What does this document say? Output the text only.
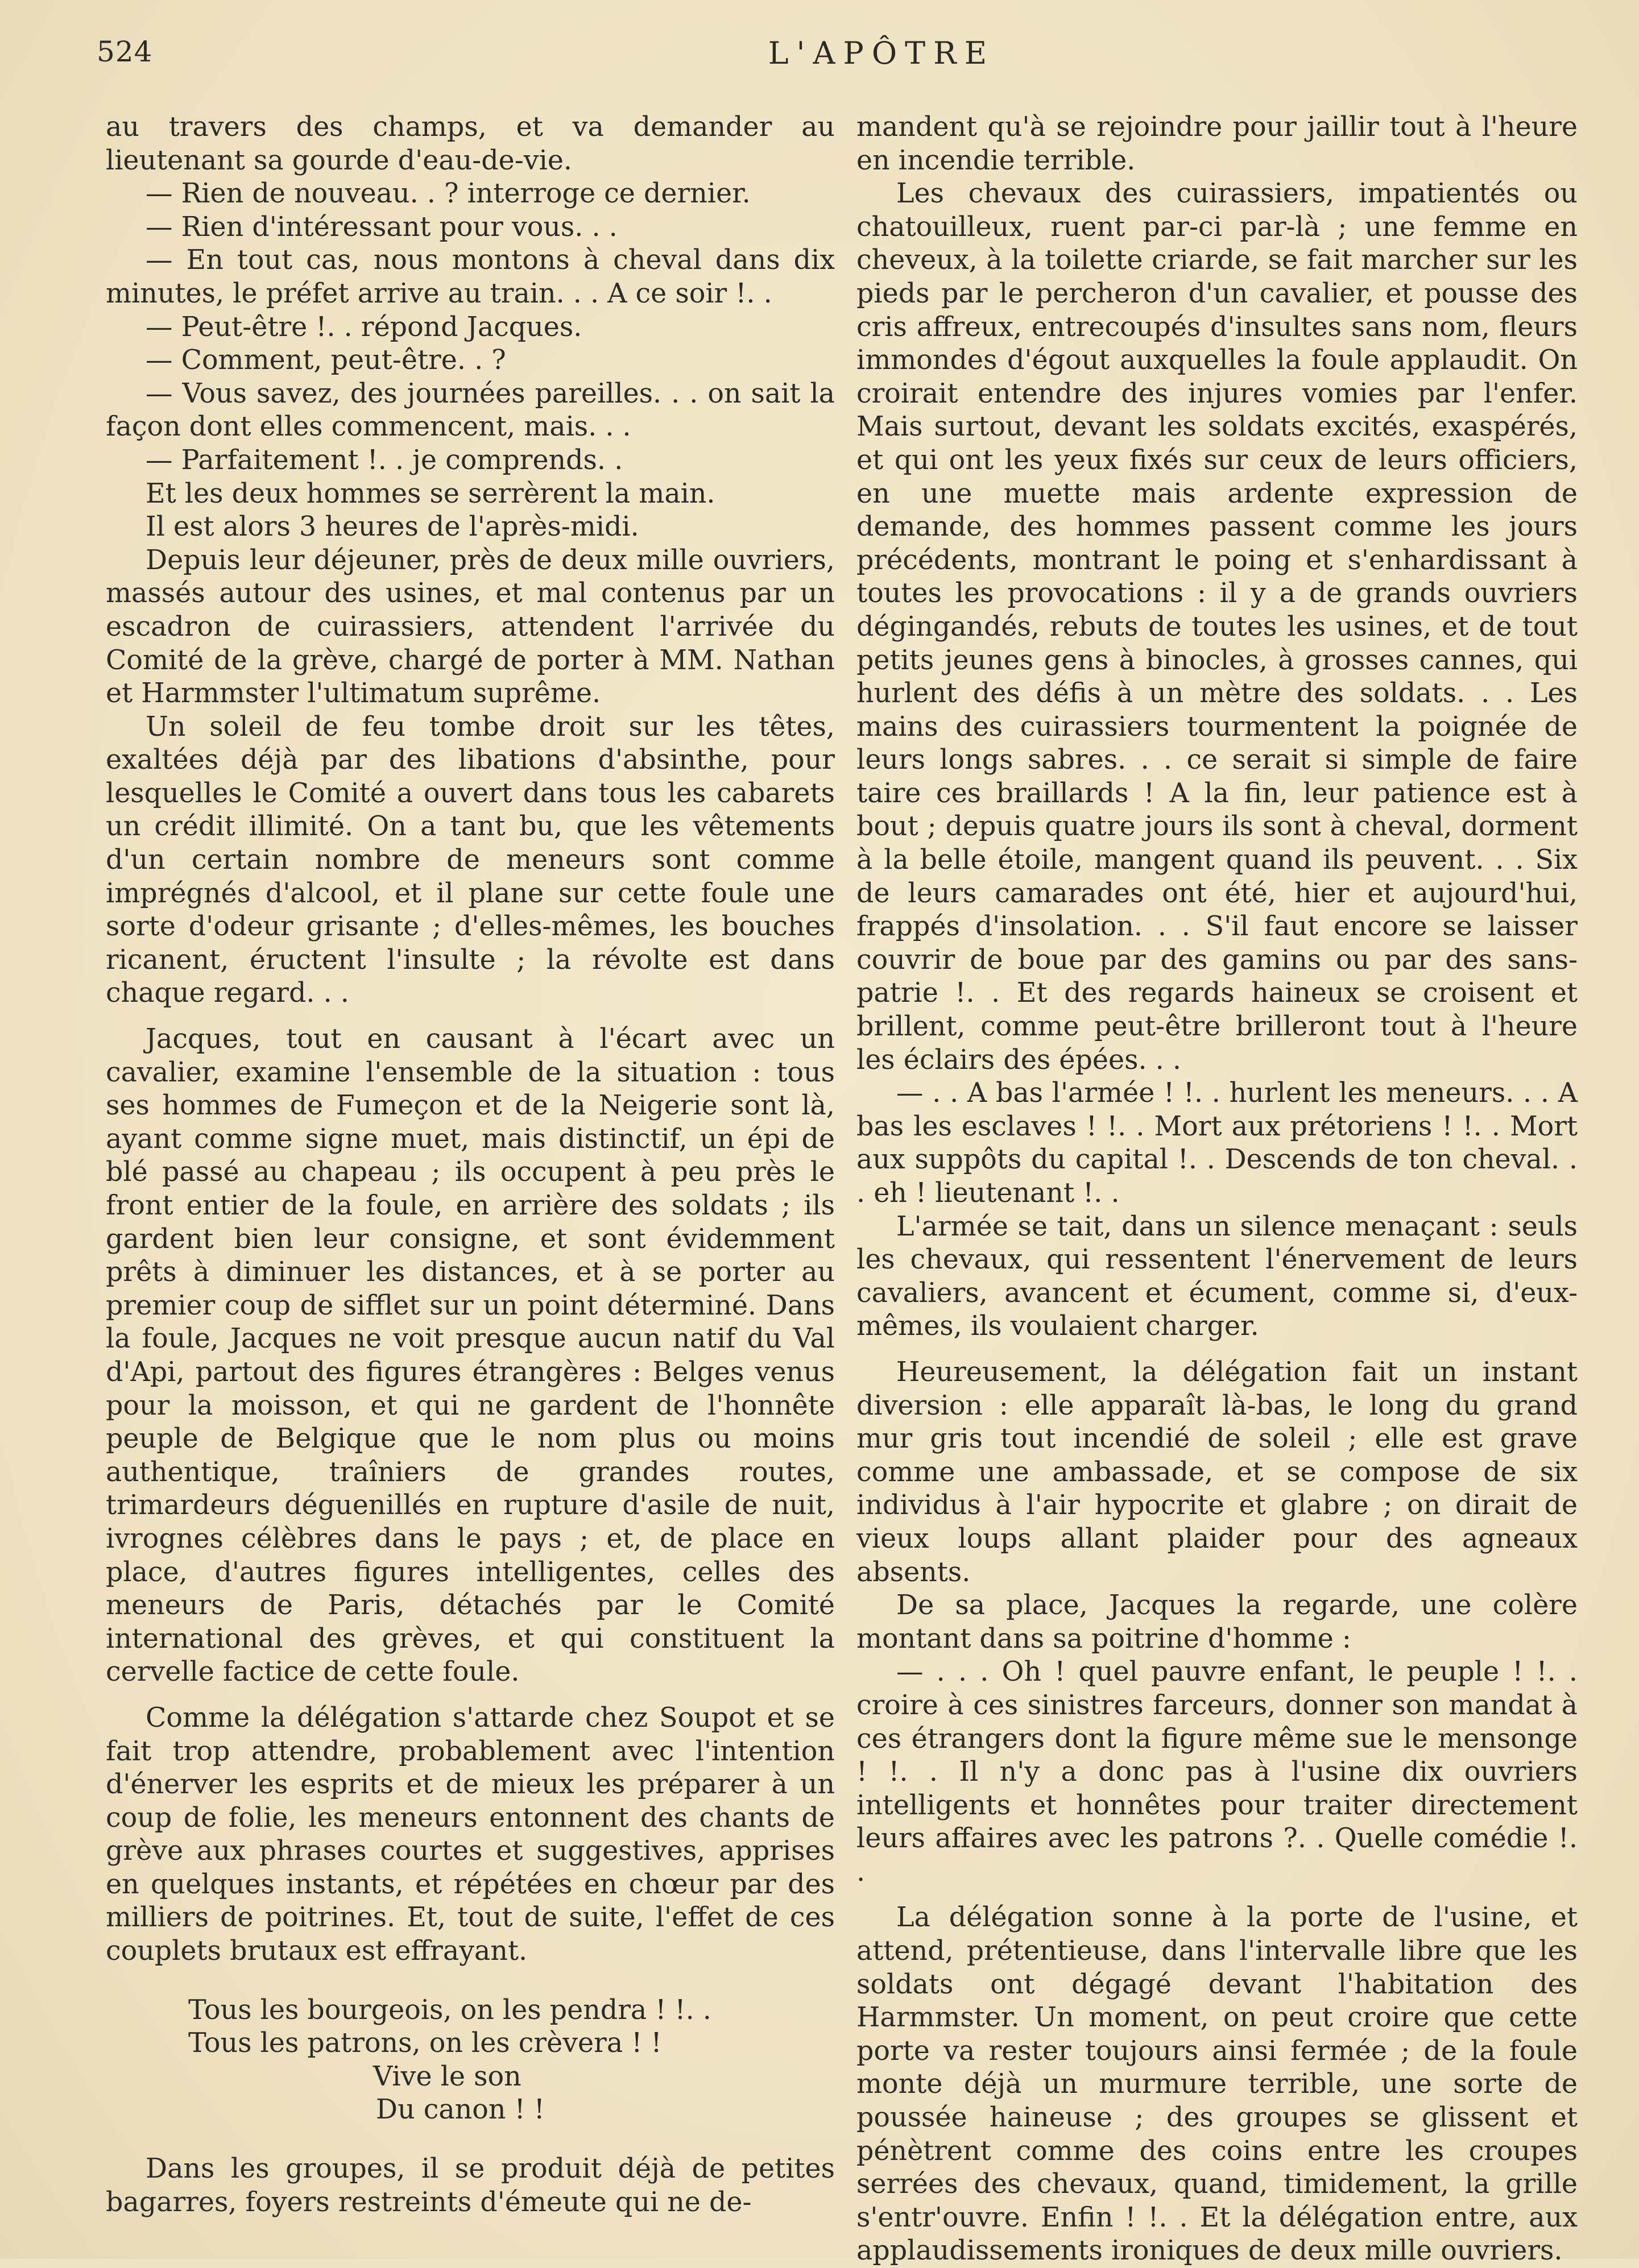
524	L'APÔTRE

au travers des champs, et va demander au lieutenant sa gourde d'eau-de-vie.

— Rien de nouveau. . ? interroge ce dernier.

— Rien d'intéressant pour vous. . .

— En tout cas, nous montons à cheval dans dix minutes, le préfet arrive au train. . . A ce soir !. .

— Peut-être !. . répond Jacques.

— Comment, peut-être. . ?

— Vous savez, des journées pareilles. . . on sait la façon dont elles commencent, mais. . .

— Parfaitement !. . je comprends. .

Et les deux hommes se serrèrent la main.

Il est alors 3 heures de l'après-midi.

Depuis leur déjeuner, près de deux mille ouvriers, massés autour des usines, et mal contenus par un escadron de cuirassiers, attendent l'arrivée du Comité de la grève, chargé de porter à MM. Nathan et Harmmster l'ultimatum suprême.

Un soleil de feu tombe droit sur les têtes, exaltées déjà par des libations d'absinthe, pour lesquelles le Comité a ouvert dans tous les cabarets un crédit illimité. On a tant bu, que les vêtements d'un certain nombre de meneurs sont comme imprégnés d'alcool, et il plane sur cette foule une sorte d'odeur grisante ; d'elles-mêmes, les bouches ricanent, éructent l'insulte ; la révolte est dans chaque regard. . .

Jacques, tout en causant à l'écart avec un cavalier, examine l'ensemble de la situation : tous ses hommes de Fumeçon et de la Neigerie sont là, ayant comme signe muet, mais distinctif, un épi de blé passé au chapeau ; ils occupent à peu près le front entier de la foule, en arrière des soldats ; ils gardent bien leur consigne, et sont évidemment prêts à diminuer les distances, et à se porter au premier coup de sifflet sur un point déterminé. Dans la foule, Jacques ne voit presque aucun natif du Val d'Api, partout des figures étrangères : Belges venus pour la moisson, et qui ne gardent de l'honnête peuple de Belgique que le nom plus ou moins authentique, traîniers de grandes routes, trimardeurs déguenillés en rupture d'asile de nuit, ivrognes célèbres dans le pays ; et, de place en place, d'autres figures intelligentes, celles des meneurs de Paris, détachés par le Comité international des grèves, et qui constituent la cervelle factice de cette foule.

Comme la délégation s'attarde chez Soupot et se fait trop attendre, probablement avec l'intention d'énerver les esprits et de mieux les préparer à un coup de folie, les meneurs entonnent des chants de grève aux phrases courtes et suggestives, apprises en quelques instants, et répétées en chœur par des milliers de poitrines. Et, tout de suite, l'effet de ces couplets brutaux est effrayant.

Tous les bourgeois, on les pendra ! !. .
Tous les patrons, on les crèvera ! !
Vive le son
Du canon ! !

Dans les groupes, il se produit déjà de petites bagarres, foyers restreints d'émeute qui ne de-

mandent qu'à se rejoindre pour jaillir tout à l'heure en incendie terrible.

Les chevaux des cuirassiers, impatientés ou chatouilleux, ruent par-ci par-là ; une femme en cheveux, à la toilette criarde, se fait marcher sur les pieds par le percheron d'un cavalier, et pousse des cris affreux, entrecoupés d'insultes sans nom, fleurs immondes d'égout auxquelles la foule applaudit. On croirait entendre des injures vomies par l'enfer. Mais surtout, devant les soldats excités, exaspérés, et qui ont les yeux fixés sur ceux de leurs officiers, en une muette mais ardente expression de demande, des hommes passent comme les jours précédents, montrant le poing et s'enhardissant à toutes les provocations : il y a de grands ouvriers dégingandés, rebuts de toutes les usines, et de tout petits jeunes gens à binocles, à grosses cannes, qui hurlent des défis à un mètre des soldats. . . Les mains des cuirassiers tourmentent la poignée de leurs longs sabres. . . ce serait si simple de faire taire ces braillards ! A la fin, leur patience est à bout ; depuis quatre jours ils sont à cheval, dorment à la belle étoile, mangent quand ils peuvent. . . Six de leurs camarades ont été, hier et aujourd'hui, frappés d'insolation. . . S'il faut encore se laisser couvrir de boue par des gamins ou par des sans-patrie !. . Et des regards haineux se croisent et brillent, comme peut-être brilleront tout à l'heure les éclairs des épées. . .

— . . A bas l'armée ! !. . hurlent les meneurs. . . A bas les esclaves ! !. . Mort aux prétoriens ! !. . Mort aux suppôts du capital !. . Descends de ton cheval. . . eh ! lieutenant !. .

L'armée se tait, dans un silence menaçant : seuls les chevaux, qui ressentent l'énervement de leurs cavaliers, avancent et écument, comme si, d'eux-mêmes, ils voulaient charger.

Heureusement, la délégation fait un instant diversion : elle apparaît là-bas, le long du grand mur gris tout incendié de soleil ; elle est grave comme une ambassade, et se compose de six individus à l'air hypocrite et glabre ; on dirait de vieux loups allant plaider pour des agneaux absents.

De sa place, Jacques la regarde, une colère montant dans sa poitrine d'homme :

— . . . Oh ! quel pauvre enfant, le peuple ! !. . croire à ces sinistres farceurs, donner son mandat à ces étrangers dont la figure même sue le mensonge ! !. . Il n'y a donc pas à l'usine dix ouvriers intelligents et honnêtes pour traiter directement leurs affaires avec les patrons ?. . Quelle comédie !. .

La délégation sonne à la porte de l'usine, et attend, prétentieuse, dans l'intervalle libre que les soldats ont dégagé devant l'habitation des Harmmster. Un moment, on peut croire que cette porte va rester toujours ainsi fermée ; de la foule monte déjà un murmure terrible, une sorte de poussée haineuse ; des groupes se glissent et pénètrent comme des coins entre les croupes serrées des chevaux, quand, timidement, la grille s'entr'ouvre. Enfin ! !. . Et la délégation entre, aux applaudissements ironiques de deux mille ouvriers.
